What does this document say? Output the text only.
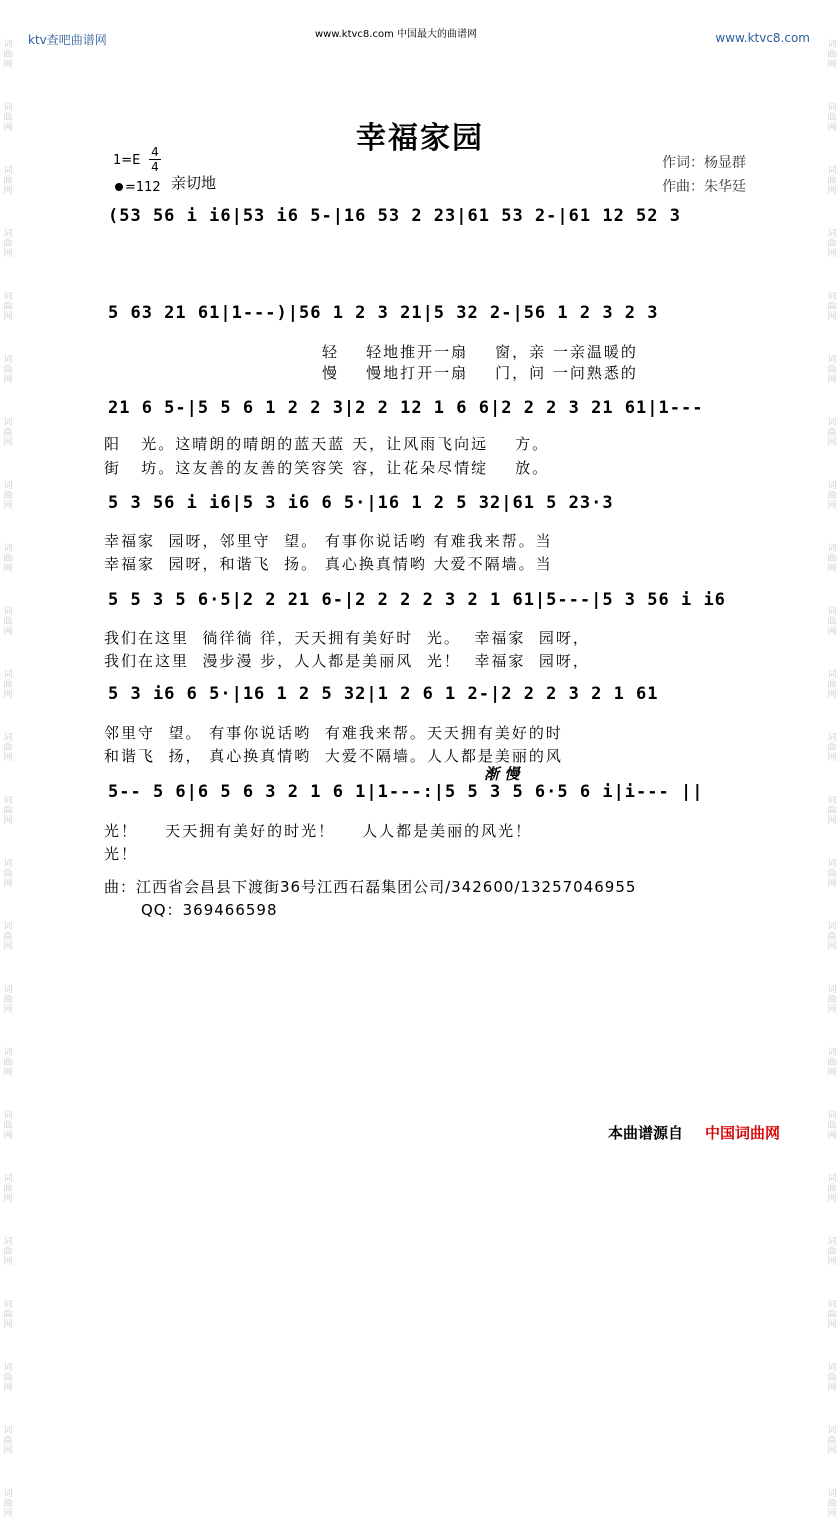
词
曲
网
词
曲
网
词
曲
网
词
曲
网
词
曲
网
词
曲
网
词
曲
网
词
曲
网
词
曲
网
词
曲
网
词
曲
网
词
曲
网
词
曲
网
词
曲
网
词
曲
网
词
曲
网
词
曲
网
词
曲
网
词
曲
网
词
曲
网
词
曲
网
词
曲
网
词
曲
网
词
曲
网
词
曲
网
词
曲
网
词
曲
网
词
曲
网
词
曲
网
词
曲
网
词
曲
网
词
曲
网
词
曲
网
词
曲
网
词
曲
网
词
曲
网
词
曲
网
词
曲
网
词
曲
网
词
曲
网
词
曲
网
词
曲
网
词
曲
网
词
曲
网
词
曲
网
词
曲
网
词
曲
网
词
曲
网
ktv查吧曲谱网	www.ktvc8.com 中国最大的曲谱网	www.ktvc8.com
幸福家园
1=E
4
4
=112 亲切地
作词：杨显群
作曲：朱华廷
(53 56 i i6|53 i6 5-|16 53 2 23|61 53 2-|61 12 52 3
5 63 21 61|1---)|56 1 2 3 21|5 32 2-|56 1 2 3 2 3
轻    轻地推开一扇    窗，亲 一亲温暖的
慢    慢地打开一扇    门，问 一问熟悉的
21 6 5-|5 5 6 1 2 2 3|2 2 12 1 6 6|2 2 2 3 21 61|1---
阳   光。这晴朗的晴朗的蓝天蓝 天，让风雨飞向远    方。
街   坊。这友善的友善的笑容笑 容，让花朵尽情绽    放。
5 3 56 i i6|5 3 i6 6 5·|16 1 2 5 32|61 5 23·3
幸福家  园呀，邻里守  望。 有事你说话哟 有难我来帮。当
幸福家  园呀，和谐飞  扬。 真心换真情哟 大爱不隔墙。当
5 5 3 5 6·5|2 2 21 6-|2 2 2 2 3 2 1 61|5---|5 3 56 i i6
我们在这里  徜徉徜 徉，天天拥有美好时  光。  幸福家  园呀，
我们在这里  漫步漫 步，人人都是美丽风  光！  幸福家  园呀，
5 3 i6 6 5·|16 1 2 5 32|1 2 6 1 2-|2 2 2 3 2 1 61
邻里守  望。 有事你说话哟  有难我来帮。天天拥有美好的时
和谐飞  扬， 真心换真情哟  大爱不隔墙。人人都是美丽的风
渐 慢
5-- 5 6|6 5 6 3 2 1 6 1|1---:|5 5 3 5 6·5 6 i|i--- ||
光！    天天拥有美好的时光！    人人都是美丽的风光！
光！
曲：江西省会昌县下渡街36号江西石磊集团公司/342600/13257046955
QQ：369466598
本曲谱源自 中国词曲网
